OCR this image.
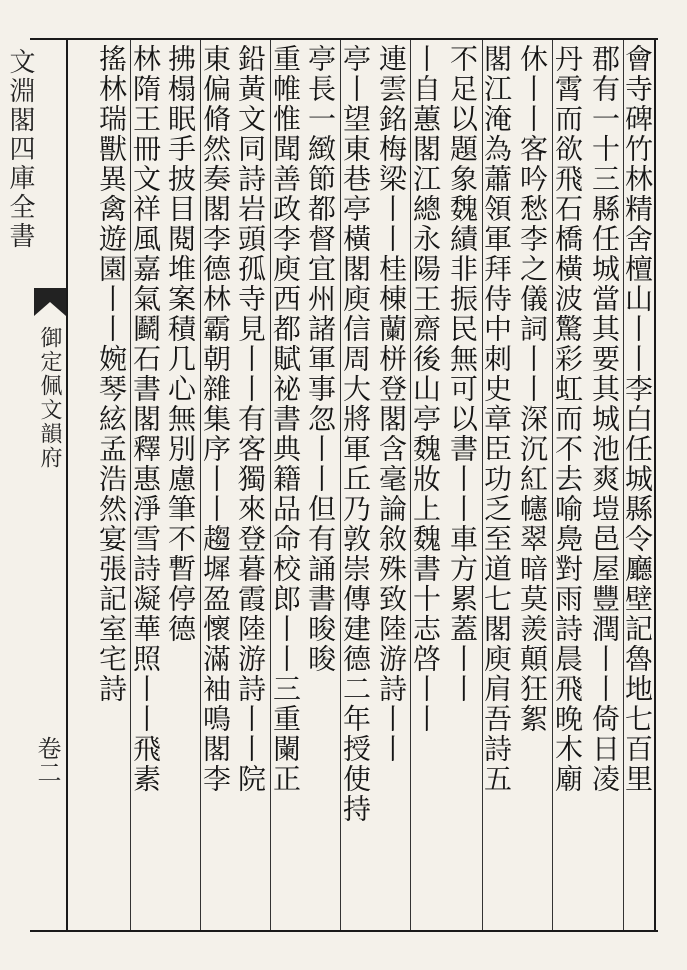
文淵閣四庫全書
御定佩文韻府
卷二	會寺碑竹林精舍檀山丨丨李白任城縣令廳壁記魯地七百里
郡有一十三縣任城當其要其城池爽塏邑屋豐潤丨丨倚日凌
丹霄而欲飛石橋橫波驚彩虹而不去喻鳧對雨詩晨飛晚木廟
休丨丨客吟愁李之儀詞丨丨深沉紅幰翠暗莫羨顛狂絮
閣江淹為蕭領軍拜侍中刺史章臣功乏至道七閣庾肩吾詩五
不足以題象魏績非振民無可以書丨丨車方累蓋丨丨
丨自蕙閣江總永陽王齋後山亭魏妝上魏書十志啓丨丨
連雲銘梅梁丨丨桂棟蘭栟登閣含毫論敘殊致陸游詩丨丨
亭丨望東巷亭橫閣庾信周大將軍丘乃敦崇傳建德二年授使持
亭長一緻節都督宜州諸軍事忽丨丨但有誦書晙晙
重帷惟聞善政李庾西都賦祕書典籍品命校郎丨丨三重闌正
鉛黃文同詩岩頭孤寺見丨丨有客獨來登暮霞陸游詩丨丨院
東偏脩然奏閣李德林霸朝雜集序丨丨趨墀盈懷滿袖鳴閣李
拂榻眠手披目閱堆案積几心無別慮筆不暫停德
林隋王冊文祥風嘉氣鬬石書閣釋惠淨雪詩凝華照丨丨飛素
搖林瑞獸異禽遊園丨丨婉琴絃孟浩然宴張記室宅詩
